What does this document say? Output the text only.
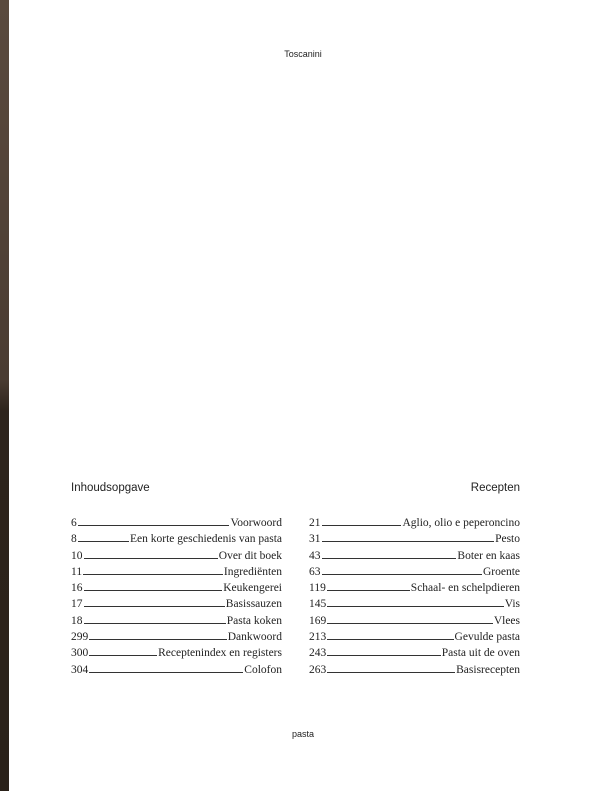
Toscanini
Inhoudsopgave	Recepten
6	Voorwoord
8	Een korte geschiedenis van pasta
10	Over dit boek
11	Ingrediënten
16	Keukengerei
17	Basissauzen
18	Pasta koken
299	Dankwoord
300	Receptenindex en registers
304	Colofon
21	Aglio, olio e peperoncino
31	Pesto
43	Boter en kaas
63	Groente
119	Schaal- en schelpdieren
145	Vis
169	Vlees
213	Gevulde pasta
243	Pasta uit de oven
263	Basisrecepten
pasta
